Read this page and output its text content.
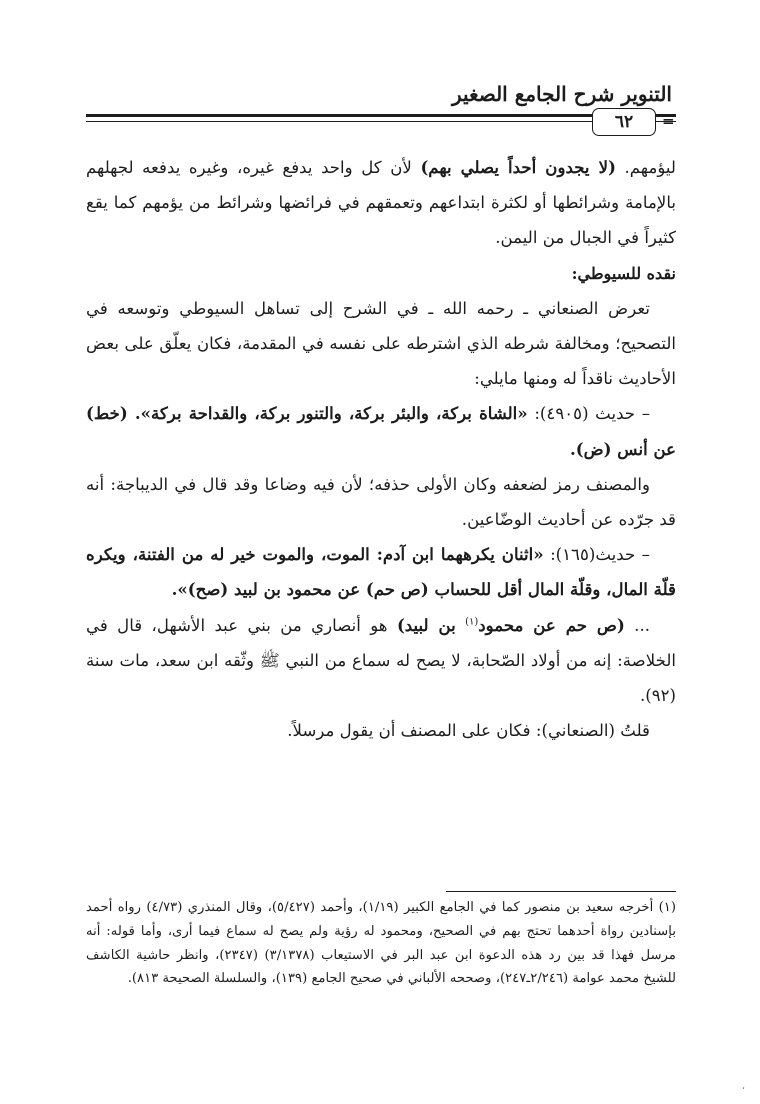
التنوير شرح الجامع الصغير
٦٢ =

ليؤمهم. (لا يجدون أحداً يصلي بهم) لأن كل واحد يدفع غيره، وغيره يدفعه لجهلهم بالإمامة وشرائطها أو لكثرة ابتداعهم وتعمقهم في فرائضها وشرائط من يؤمهم كما يقع كثيراً في الجبال من اليمن.

نقده للسيوطي:

تعرض الصنعاني ـ رحمه الله ـ في الشرح إلى تساهل السيوطي وتوسعه في التصحيح؛ ومخالفة شرطه الذي اشترطه على نفسه في المقدمة، فكان يعلّق على بعض الأحاديث ناقداً له ومنها مايلي:

– حديث (٤٩٠٥): «الشاة بركة، والبئر بركة، والتنور بركة، والقداحة بركة». (خط) عن أنس (ض).

والمصنف رمز لضعفه وكان الأولى حذفه؛ لأن فيه وضاعا وقد قال في الديباجة: أنه قد جرّده عن أحاديث الوضّاعين.

– حديث(١٦٥): «اثنان يكرههما ابن آدم: الموت، والموت خير له من الفتنة، ويكره قلّة المال، وقلّة المال أقل للحساب (ص حم) عن محمود بن لبيد (صح)».

... (ص حم عن محمود$^{(١)}$ بن لبيد) هو أنصاري من بني عبد الأشهل، قال في الخلاصة: إنه من أولاد الصّحابة، لا يصح له سماع من النبي ﷺ وثّقه ابن سعد، مات سنة (٩٢).

قلتُ (الصنعاني): فكان على المصنف أن يقول مرسلاً.

(١) أخرجه سعيد بن منصور كما في الجامع الكبير (١/١٩)، وأحمد (٥/٤٢٧)، وقال المنذري (٤/٧٣) رواه أحمد بإسنادين رواة أحدهما تحتج بهم في الصحيح، ومحمود له رؤية ولم يصح له سماع فيما أرى، وأما قوله: أنه مرسل فهذا قد بين رد هذه الدعوة ابن عبد البر في الاستيعاب (٣/١٣٧٨) (٢٣٤٧)، وانظر حاشية الكاشف للشيخ محمد عوامة (٢/٢٤٦ـ٢٤٧)، وصححه الألباني في صحيح الجامع (١٣٩)، والسلسلة الصحيحة ٨١٣).

،
